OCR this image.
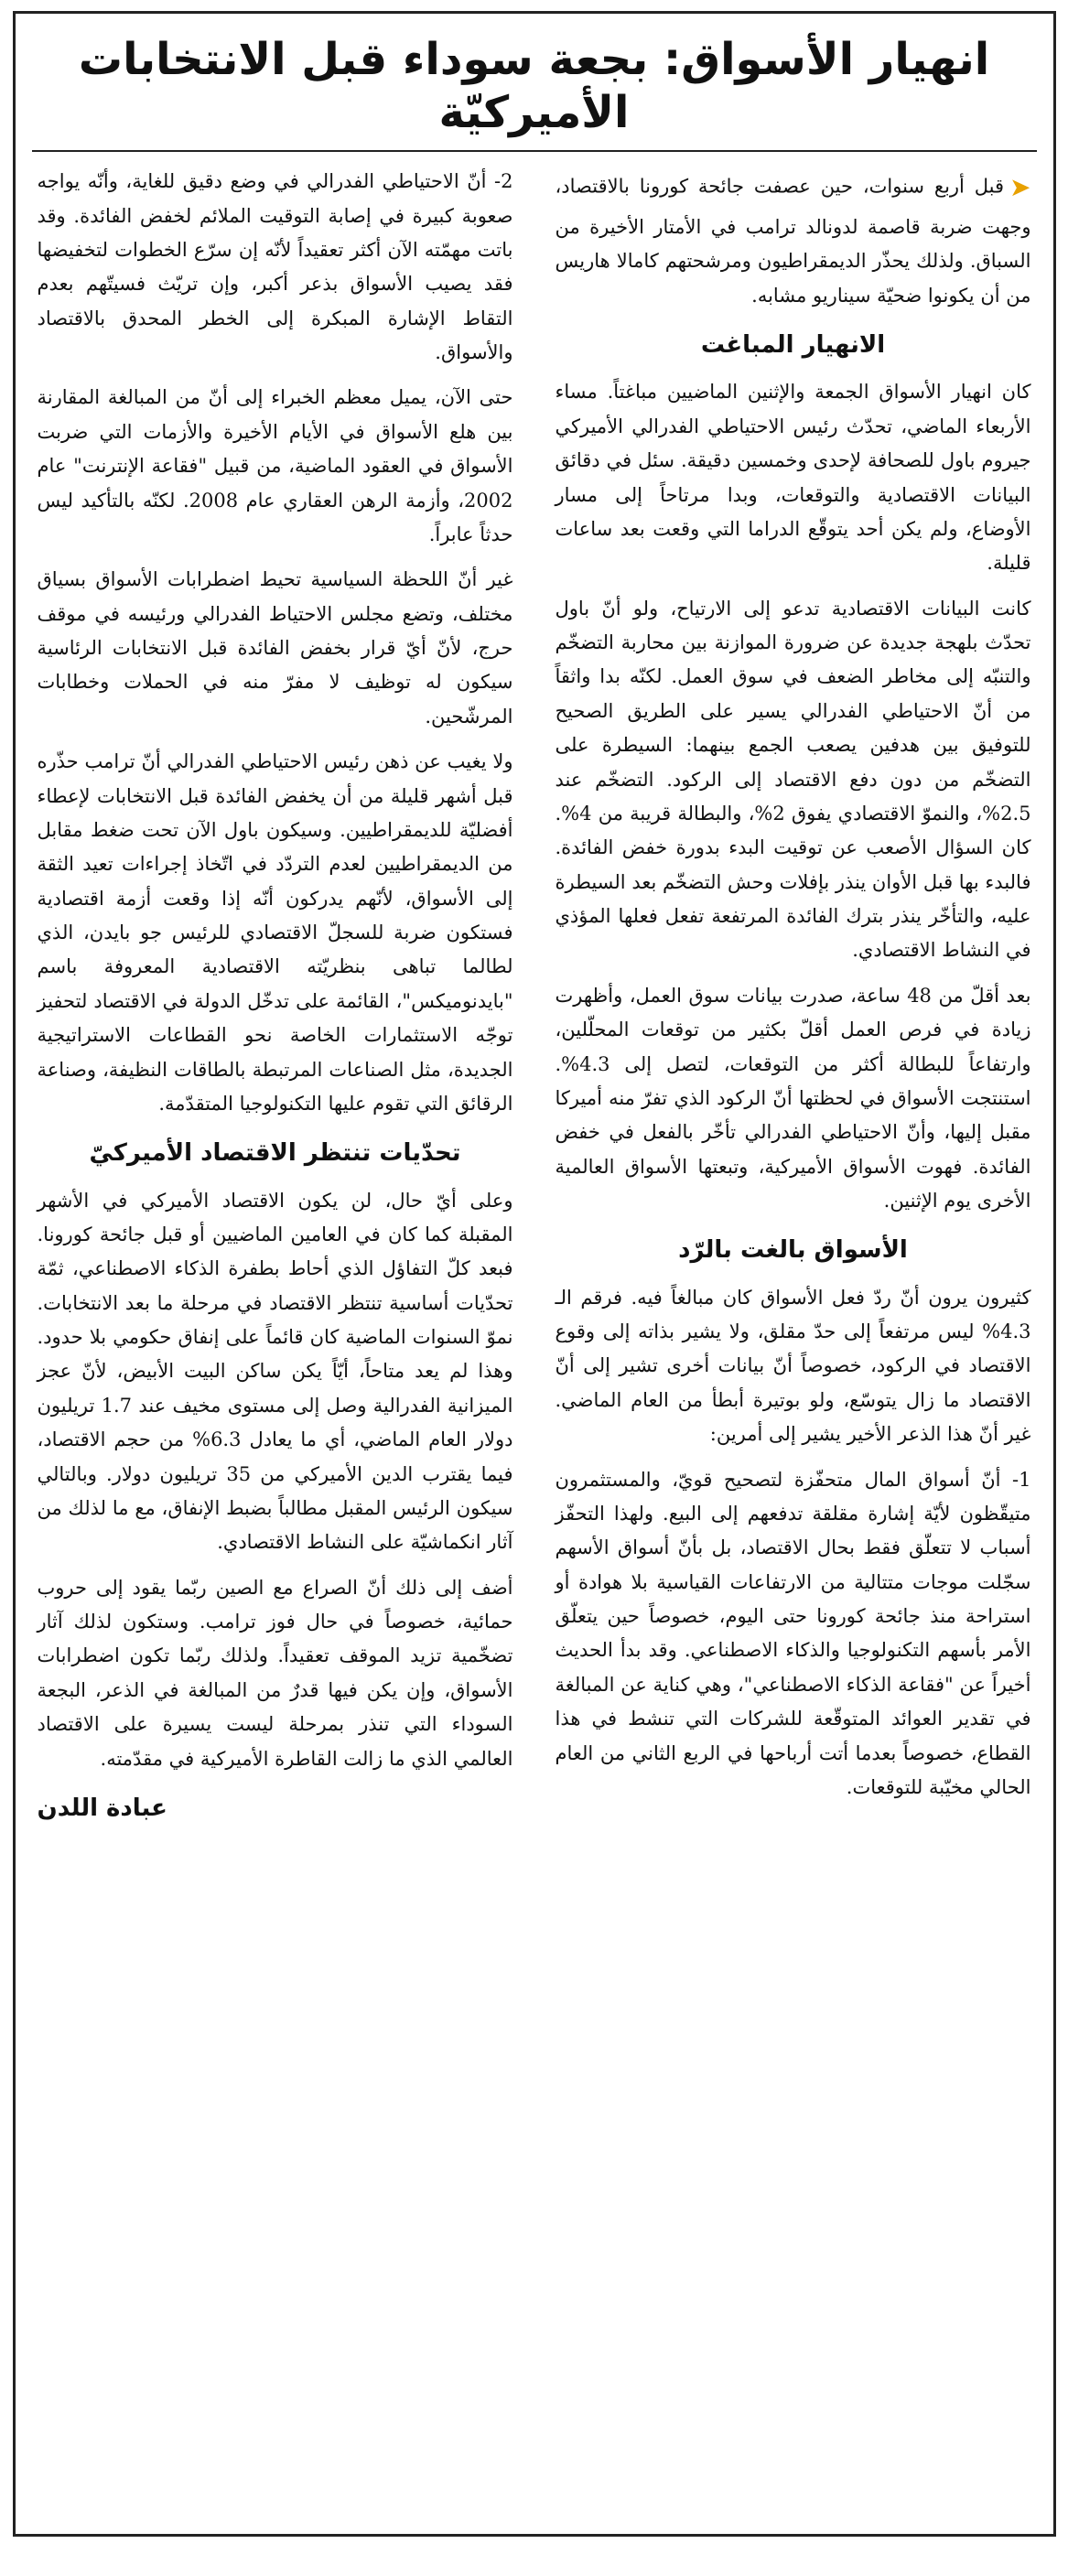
انهيار الأسواق: بجعة سوداء قبل الانتخابات الأميركيّة

➤قبل أربع سنوات، حين عصفت جائحة كورونا بالاقتصاد، وجهت ضربة قاصمة لدونالد ترامب في الأمتار الأخيرة من السباق. ولذلك يحذّر الديمقراطيون ومرشحتهم كامالا هاريس من أن يكونوا ضحيّة سيناريو مشابه.

الانهيار المباغت

كان انهيار الأسواق الجمعة والإثنين الماضيين مباغتاً. مساء الأربعاء الماضي، تحدّث رئيس الاحتياطي الفدرالي الأميركي جيروم باول للصحافة لإحدى وخمسين دقيقة. سئل في دقائق البيانات الاقتصادية والتوقعات، وبدا مرتاحاً إلى مسار الأوضاع، ولم يكن أحد يتوقّع الدراما التي وقعت بعد ساعات قليلة.

كانت البيانات الاقتصادية تدعو إلى الارتياح، ولو أنّ باول تحدّث بلهجة جديدة عن ضرورة الموازنة بين محاربة التضخّم والتنبّه إلى مخاطر الضعف في سوق العمل. لكنّه بدا واثقاً من أنّ الاحتياطي الفدرالي يسير على الطريق الصحيح للتوفيق بين هدفين يصعب الجمع بينهما: السيطرة على التضخّم من دون دفع الاقتصاد إلى الركود. التضخّم عند 2.5%، والنموّ الاقتصادي يفوق 2%، والبطالة قريبة من 4%. كان السؤال الأصعب عن توقيت البدء بدورة خفض الفائدة. فالبدء بها قبل الأوان ينذر بإفلات وحش التضخّم بعد السيطرة عليه، والتأخّر ينذر بترك الفائدة المرتفعة تفعل فعلها المؤذي في النشاط الاقتصادي.

بعد أقلّ من 48 ساعة، صدرت بيانات سوق العمل، وأظهرت زيادة في فرص العمل أقلّ بكثير من توقعات المحلّلين، وارتفاعاً للبطالة أكثر من التوقعات، لتصل إلى 4.3%. استنتجت الأسواق في لحظتها أنّ الركود الذي تفرّ منه أميركا مقبل إليها، وأنّ الاحتياطي الفدرالي تأخّر بالفعل في خفض الفائدة. فهوت الأسواق الأميركية، وتبعتها الأسواق العالمية الأخرى يوم الإثنين.

الأسواق بالغت بالرّد

كثيرون يرون أنّ ردّ فعل الأسواق كان مبالغاً فيه. فرقم الـ 4.3% ليس مرتفعاً إلى حدّ مقلق، ولا يشير بذاته إلى وقوع الاقتصاد في الركود، خصوصاً أنّ بيانات أخرى تشير إلى أنّ الاقتصاد ما زال يتوسّع، ولو بوتيرة أبطأ من العام الماضي. غير أنّ هذا الذعر الأخير يشير إلى أمرين:

1- أنّ أسواق المال متحفّزة لتصحيح قويّ، والمستثمرون متيقّظون لأيّة إشارة مقلقة تدفعهم إلى البيع. ولهذا التحفّز أسباب لا تتعلّق فقط بحال الاقتصاد، بل بأنّ أسواق الأسهم سجّلت موجات متتالية من الارتفاعات القياسية بلا هوادة أو استراحة منذ جائحة كورونا حتى اليوم، خصوصاً حين يتعلّق الأمر بأسهم التكنولوجيا والذكاء الاصطناعي. وقد بدأ الحديث أخيراً عن "فقاعة الذكاء الاصطناعي"، وهي كناية عن المبالغة في تقدير العوائد المتوقّعة للشركات التي تنشط في هذا القطاع، خصوصاً بعدما أتت أرباحها في الربع الثاني من العام الحالي مخيّبة للتوقعات.

2- أنّ الاحتياطي الفدرالي في وضع دقيق للغاية، وأنّه يواجه صعوبة كبيرة في إصابة التوقيت الملائم لخفض الفائدة. وقد باتت مهمّته الآن أكثر تعقيداً لأنّه إن سرّع الخطوات لتخفيضها فقد يصيب الأسواق بذعر أكبر، وإن تريّث فسيتّهم بعدم التقاط الإشارة المبكرة إلى الخطر المحدق بالاقتصاد والأسواق.

حتى الآن، يميل معظم الخبراء إلى أنّ من المبالغة المقارنة بين هلع الأسواق في الأيام الأخيرة والأزمات التي ضربت الأسواق في العقود الماضية، من قبيل "فقاعة الإنترنت" عام 2002، وأزمة الرهن العقاري عام 2008. لكنّه بالتأكيد ليس حدثاً عابراً.

غير أنّ اللحظة السياسية تحيط اضطرابات الأسواق بسياق مختلف، وتضع مجلس الاحتياط الفدرالي ورئيسه في موقف حرج، لأنّ أيّ قرار بخفض الفائدة قبل الانتخابات الرئاسية سيكون له توظيف لا مفرّ منه في الحملات وخطابات المرشّحين.

ولا يغيب عن ذهن رئيس الاحتياطي الفدرالي أنّ ترامب حذّره قبل أشهر قليلة من أن يخفض الفائدة قبل الانتخابات لإعطاء أفضليّة للديمقراطيين. وسيكون باول الآن تحت ضغط مقابل من الديمقراطيين لعدم التردّد في اتّخاذ إجراءات تعيد الثقة إلى الأسواق، لأنّهم يدركون أنّه إذا وقعت أزمة اقتصادية فستكون ضربة للسجلّ الاقتصادي للرئيس جو بايدن، الذي لطالما تباهى بنظريّته الاقتصادية المعروفة باسم "بايدنوميكس"، القائمة على تدخّل الدولة في الاقتصاد لتحفيز توجّه الاستثمارات الخاصة نحو القطاعات الاستراتيجية الجديدة، مثل الصناعات المرتبطة بالطاقات النظيفة، وصناعة الرقائق التي تقوم عليها التكنولوجيا المتقدّمة.

تحدّيات تنتظر الاقتصاد الأميركيّ

وعلى أيّ حال، لن يكون الاقتصاد الأميركي في الأشهر المقبلة كما كان في العامين الماضيين أو قبل جائحة كورونا. فبعد كلّ التفاؤل الذي أحاط بطفرة الذكاء الاصطناعي، ثمّة تحدّيات أساسية تنتظر الاقتصاد في مرحلة ما بعد الانتخابات. نموّ السنوات الماضية كان قائماً على إنفاق حكومي بلا حدود. وهذا لم يعد متاحاً، أيّاً يكن ساكن البيت الأبيض، لأنّ عجز الميزانية الفدرالية وصل إلى مستوى مخيف عند 1.7 تريليون دولار العام الماضي، أي ما يعادل 6.3% من حجم الاقتصاد، فيما يقترب الدين الأميركي من 35 تريليون دولار. وبالتالي سيكون الرئيس المقبل مطالباً بضبط الإنفاق، مع ما لذلك من آثار انكماشيّة على النشاط الاقتصادي.

أضف إلى ذلك أنّ الصراع مع الصين ربّما يقود إلى حروب حمائية، خصوصاً في حال فوز ترامب. وستكون لذلك آثار تضخّمية تزيد الموقف تعقيداً. ولذلك ربّما تكون اضطرابات الأسواق، وإن يكن فيها قدرٌ من المبالغة في الذعر، البجعة السوداء التي تنذر بمرحلة ليست يسيرة على الاقتصاد العالمي الذي ما زالت القاطرة الأميركية في مقدّمته.

عبادة اللدن
